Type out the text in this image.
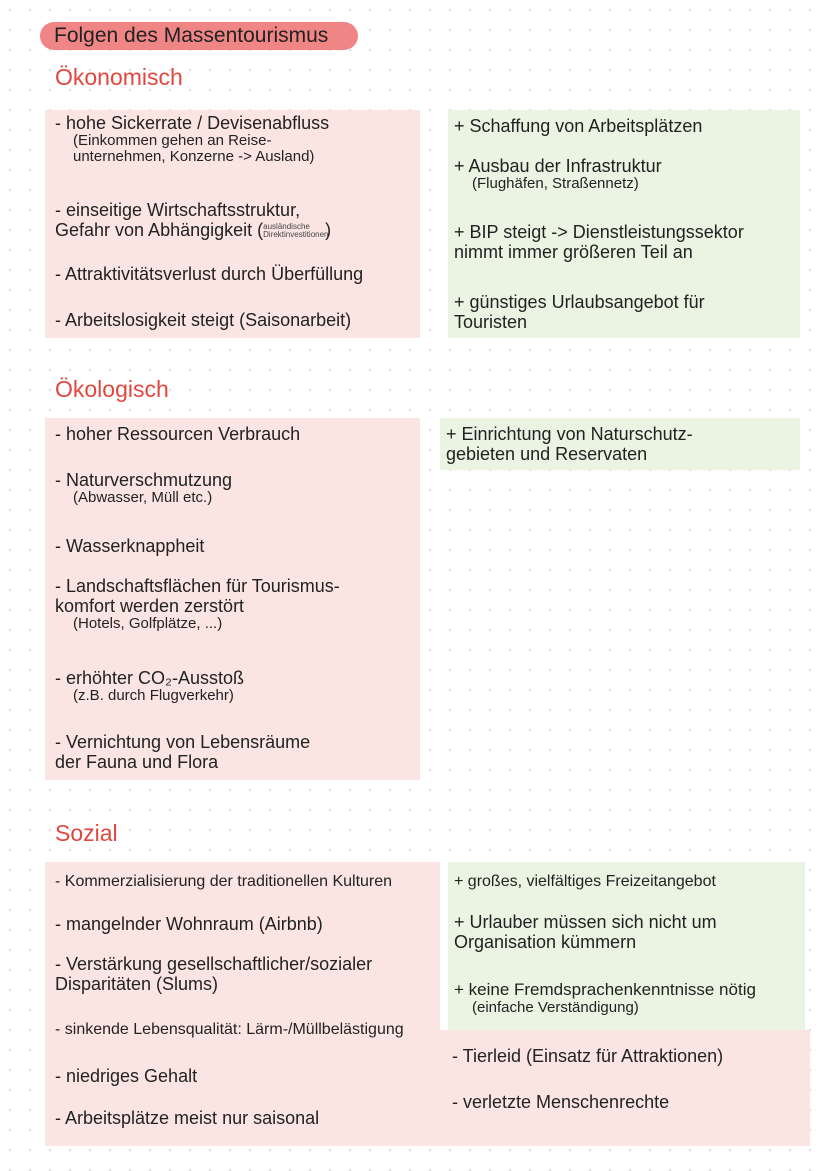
Folgen des Massentourismus
Ökonomisch
- hohe Sickerrate / Devisenabfluss
(Einkommen gehen an Reise-
unternehmen, Konzerne -> Ausland)
- einseitige Wirtschaftsstruktur,
Gefahr von Abhängigkeit (ausländische Direktinvestitionen)
- Attraktivitätsverlust durch Überfüllung
- Arbeitslosigkeit steigt (Saisonarbeit)
+ Schaffung von Arbeitsplätzen
+ Ausbau der Infrastruktur
(Flughäfen, Straßennetz)
+ BIP steigt -> Dienstleistungssektor
nimmt immer größeren Teil an
+ günstiges Urlaubsangebot für
Touristen
Ökologisch
- hoher Ressourcen Verbrauch
- Naturverschmutzung
(Abwasser, Müll etc.)
- Wasserknappheit
- Landschaftsflächen für Tourismus-
komfort werden zerstört
(Hotels, Golfplätze, ...)
- erhöhter CO₂-Ausstoß
(z.B. durch Flugverkehr)
- Vernichtung von Lebensräume
der Fauna und Flora
+ Einrichtung von Naturschutz-
gebieten und Reservaten
Sozial
- Kommerzialisierung der traditionellen Kulturen
- mangelnder Wohnraum (Airbnb)
- Verstärkung gesellschaftlicher/sozialer
Disparitäten (Slums)
- sinkende Lebensqualität: Lärm-/Müllbelästigung
- niedriges Gehalt
- Arbeitsplätze meist nur saisonal
+ großes, vielfältiges Freizeitangebot
+ Urlauber müssen sich nicht um
Organisation kümmern
+ keine Fremdsprachenkenntnisse nötig
(einfache Verständigung)
- Tierleid (Einsatz für Attraktionen)
- verletzte Menschenrechte
